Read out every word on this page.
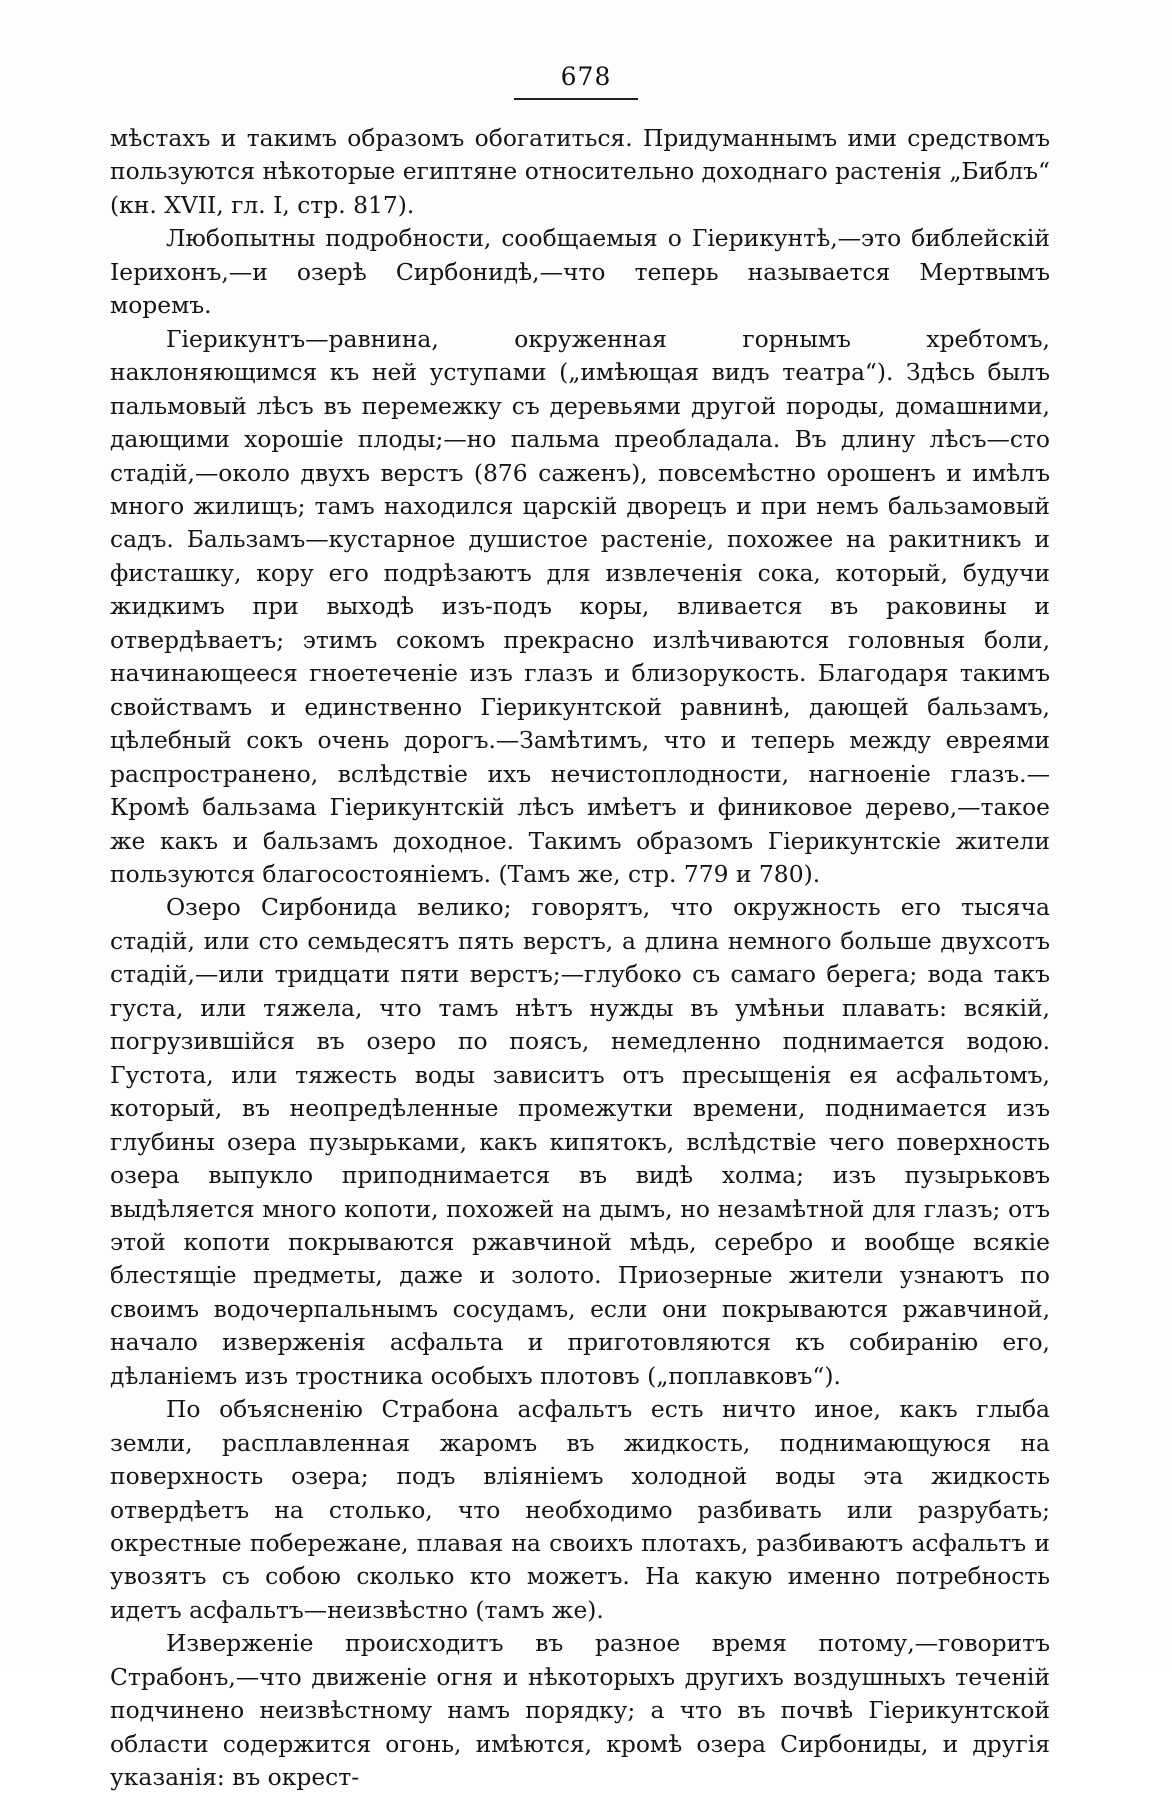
678

мѣстахъ и такимъ образомъ обогатиться. Придуманнымъ ими средствомъ пользуются нѣкоторые египтяне относительно доходнаго растенія „Библъ“ (кн. XVII, гл. I, стр. 817).

Любопытны подробности, сообщаемыя о Гіерикунтѣ,—это библейскій Іерихонъ,—и озерѣ Сирбонидѣ,—что теперь называется Мертвымъ моремъ.

Гіерикунтъ—равнина, окруженная горнымъ хребтомъ, наклоняющимся къ ней уступами („имѣющая видъ театра“). Здѣсь былъ пальмовый лѣсъ въ перемежку съ деревьями другой породы, домашними, дающими хорошіе плоды;—но пальма преобладала. Въ длину лѣсъ—сто стадій,—около двухъ верстъ (876 саженъ), повсемѣстно орошенъ и имѣлъ много жилищъ; тамъ находился царскій дворецъ и при немъ бальзамовый садъ. Бальзамъ—кустарное душистое растеніе, похожее на ракитникъ и фисташку, кору его подрѣзаютъ для извлеченія сока, который, будучи жидкимъ при выходѣ изъ-подъ коры, вливается въ раковины и отвердѣваетъ; этимъ сокомъ прекрасно излѣчиваются головныя боли, начинающееся гноетеченіе изъ глазъ и близорукость. Благодаря такимъ свойствамъ и единственно Гіерикунтской равнинѣ, дающей бальзамъ, цѣлебный сокъ очень дорогъ.—Замѣтимъ, что и теперь между евреями распространено, вслѣдствіе ихъ нечистоплодности, нагноеніе глазъ.—Кромѣ бальзама Гіерикунтскій лѣсъ имѣетъ и финиковое дерево,—такое же какъ и бальзамъ доходное. Такимъ образомъ Гіерикунтскіе жители пользуются благосостояніемъ. (Тамъ же, стр. 779 и 780).

Озеро Сирбонида велико; говорятъ, что окружность его тысяча стадій, или сто семьдесятъ пять верстъ, а длина немного больше двухсотъ стадій,—или тридцати пяти верстъ;—глубоко съ самаго берега; вода такъ густа, или тяжела, что тамъ нѣтъ нужды въ умѣньи плавать: всякій, погрузившійся въ озеро по поясъ, немедленно поднимается водою. Густота, или тяжесть воды зависитъ отъ пресыщенія ея асфальтомъ, который, въ неопредѣленные промежутки времени, поднимается изъ глубины озера пузырьками, какъ кипятокъ, вслѣдствіе чего поверхность озера выпукло приподнимается въ видѣ холма; изъ пузырьковъ выдѣляется много копоти, похожей на дымъ, но незамѣтной для глазъ; отъ этой копоти покрываются ржавчиной мѣдь, серебро и вообще всякіе блестящіе предметы, даже и золото. Приозерные жители узнаютъ по своимъ водочерпальнымъ сосудамъ, если они покрываются ржавчиной, начало изверженія асфальта и приготовляются къ собиранію его, дѣланіемъ изъ тростника особыхъ плотовъ („поплавковъ“).

По объясненію Страбона асфальтъ есть ничто иное, какъ глыба земли, расплавленная жаромъ въ жидкость, поднимающуюся на поверхность озера; подъ вліяніемъ холодной воды эта жидкость отвердѣетъ на столько, что необходимо разбивать или разрубать; окрестные побережане, плавая на своихъ плотахъ, разбиваютъ асфальтъ и увозятъ съ собою сколько кто можетъ. На какую именно потребность идетъ асфальтъ—неизвѣстно (тамъ же).

Изверженіе происходитъ въ разное время потому,—говоритъ Страбонъ,—что движеніе огня и нѣкоторыхъ другихъ воздушныхъ теченій подчинено неизвѣстному намъ порядку; а что въ почвѣ Гіерикунтской области содержится огонь, имѣются, кромѣ озера Сирбониды, и другія указанія: въ окрест-
